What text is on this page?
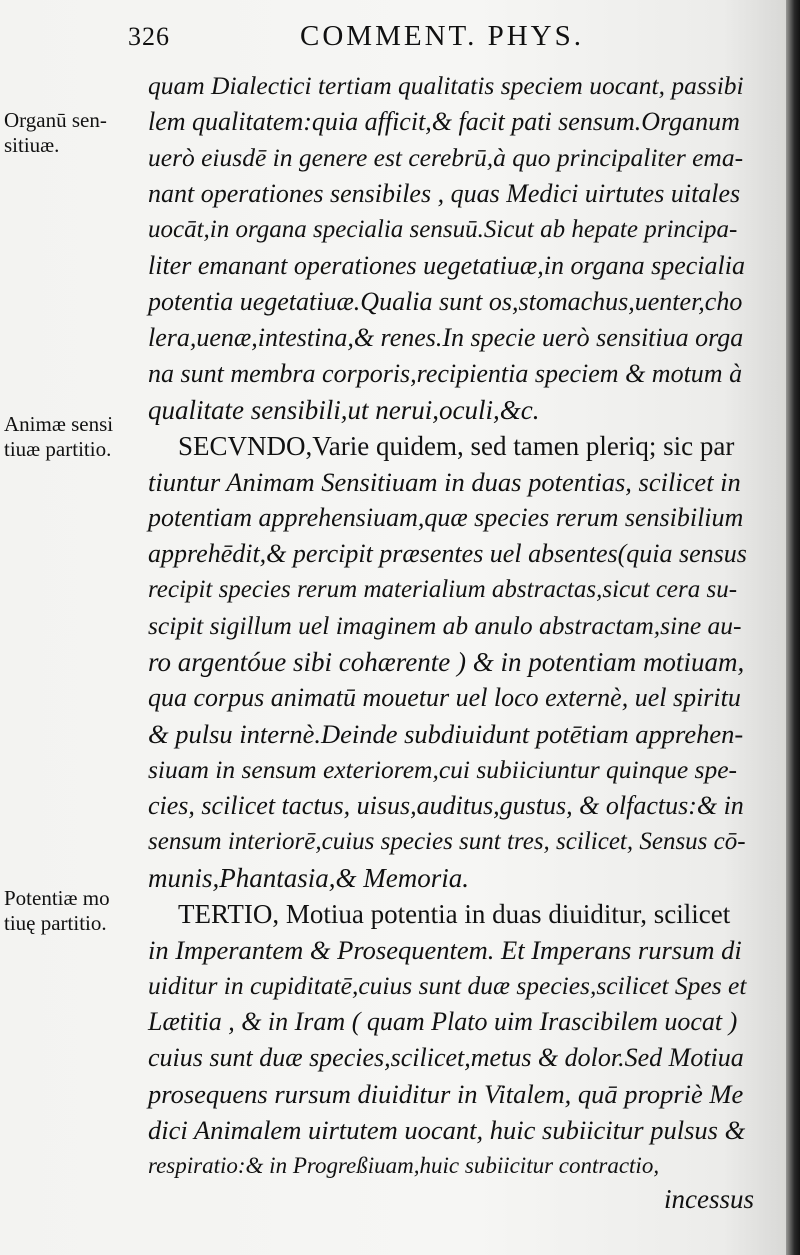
326	COMMENT. PHYS.
Organū sen-
sitiuæ.
Animæ sensi
tiuæ partitio.
Potentiæ mo
tiuę partitio.
quam Dialectici tertiam qualitatis speciem uocant, passibi
lem qualitatem:quia afficit,& facit pati sensum.Organum
uerò eiusdē in genere est cerebrū,à quo principaliter ema-
nant operationes sensibiles , quas Medici uirtutes uitales
uocāt,in organa specialia sensuū.Sicut ab hepate principa-
liter emanant operationes uegetatiuæ,in organa specialia
potentia uegetatiuæ.Qualia sunt os,stomachus,uenter,cho
lera,uenæ,intestina,& renes.In specie uerò sensitiua orga
na sunt membra corporis,recipientia speciem & motum à
qualitate sensibili,ut nerui,oculi,&c.
SECVNDO,Varie quidem, sed tamen pleriq; sic par
tiuntur Animam Sensitiuam in duas potentias, scilicet in
potentiam apprehensiuam,quæ species rerum sensibilium
apprehēdit,& percipit præsentes uel absentes(quia sensus
recipit species rerum materialium abstractas,sicut cera su-
scipit sigillum uel imaginem ab anulo abstractam,sine au-
ro argentóue sibi cohærente ) & in potentiam motiuam,
qua corpus animatū mouetur uel loco externè, uel spiritu
& pulsu internè.Deinde subdiuidunt potētiam apprehen-
siuam in sensum exteriorem,cui subiiciuntur quinque spe-
cies, scilicet tactus, uisus,auditus,gustus, & olfactus:& in
sensum interiorē,cuius species sunt tres, scilicet, Sensus cō-
munis,Phantasia,& Memoria.
TERTIO, Motiua potentia in duas diuiditur, scilicet
in Imperantem & Prosequentem. Et Imperans rursum di
uiditur in cupiditatē,cuius sunt duæ species,scilicet Spes et
Lætitia , & in Iram ( quam Plato uim Irascibilem uocat )
cuius sunt duæ species,scilicet,metus & dolor.Sed Motiua
prosequens rursum diuiditur in Vitalem, quā propriè Me
dici Animalem uirtutem uocant, huic subiicitur pulsus &
respiratio:& in Progreßiuam,huic subiicitur contractio,
incessus
